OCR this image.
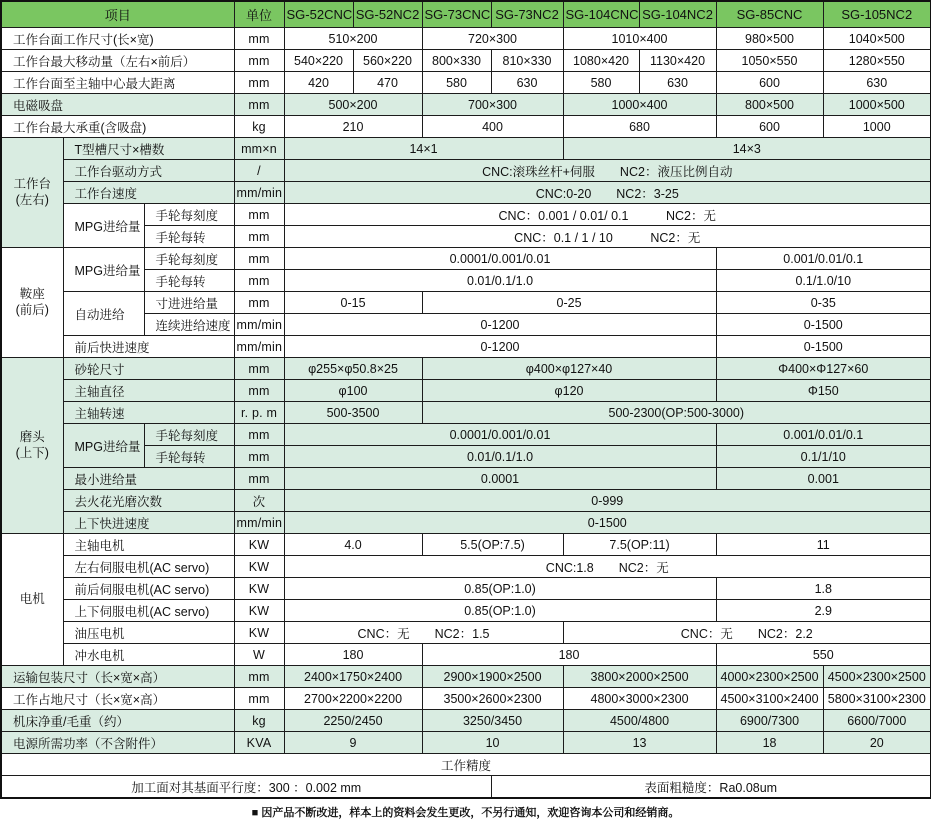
项目			单位	SG-52CNC	SG-52NC2	SG-73CNC	SG-73NC2	SG-104CNC	SG-104NC2	SG-85CNC	SG-105NC2
工作台面工作尺寸(长×宽)			mm	510×200		720×300		1010×400		980×500	1040×500
工作台最大移动量（左右×前后）			mm	540×220	560×220	800×330	810×330	1080×420	1130×420	1050×550	1280×550
工作台面至主轴中心最大距离			mm	420	470	580	630	580	630	600	630
电磁吸盘			mm	500×200		700×300		1000×400		800×500	1000×500
工作台最大承重(含吸盘)			kg	210		400		680		600	1000
工作台
(左右)	T型槽尺寸×槽数		mm×n	14×1				14×3			
	工作台驱动方式		/	CNC:滚珠丝杆+伺服　　NC2：液压比例自动							
	工作台速度		mm/min	CNC:0-20　　NC2：3-25							
	MPG进给量	手轮每刻度	mm	CNC：0.001 / 0.01/ 0.1　　　NC2：无							
		手轮每转	mm	CNC：0.1 / 1 / 10　　　NC2：无							
鞍座
(前后)	MPG进给量	手轮每刻度	mm	0.0001/0.001/0.01						0.001/0.01/0.1	
		手轮每转	mm	0.01/0.1/1.0						0.1/1.0/10	
	自动进给	寸进进给量	mm	0-15		0-25				0-35	
		连续进给速度	mm/min	0-1200						0-1500	
	前后快进速度		mm/min	0-1200						0-1500	
磨头
(上下)	砂轮尺寸		mm	φ255×φ50.8×25		φ400×φ127×40				Φ400×Φ127×60	
	主轴直径		mm	φ100		φ120				Φ150	
	主轴转速		r. p. m	500-3500		500-2300(OP:500-3000)					
	MPG进给量	手轮每刻度	mm	0.0001/0.001/0.01						0.001/0.01/0.1	
		手轮每转	mm	0.01/0.1/1.0						0.1/1/10	
	最小进给量		mm	0.0001						0.001	
	去火花光磨次数		次	0-999							
	上下快进速度		mm/min	0-1500							
电机	主轴电机		KW	4.0		5.5(OP:7.5)		7.5(OP:11)		11	
	左右伺服电机(AC servo)		KW	CNC:1.8　　NC2：无							
	前后伺服电机(AC servo)		KW	0.85(OP:1.0)						1.8	
	上下伺服电机(AC servo)		KW	0.85(OP:1.0)						2.9	
	油压电机		KW	CNC：无　　NC2：1.5				CNC：无　　NC2：2.2			
	冲水电机		W	180		180				550	
运输包装尺寸（长×宽×高）			mm	2400×1750×2400		2900×1900×2500		3800×2000×2500		4000×2300×2500	4500×2300×2500
工作占地尺寸（长×宽×高）			mm	2700×2200×2200		3500×2600×2300		4800×3000×2300		4500×3100×2400	5800×3100×2300
机床净重/毛重（约）			kg	2250/2450		3250/3450		4500/4800		6900/7300	6600/7000
电源所需功率（不含附件）			KVA	9		10		13		18	20
工作精度											
加工面对其基面平行度：300 ：0.002 mm							表面粗糙度：Ra0.08um				
■ 因产品不断改进，样本上的资料会发生更改，不另行通知，欢迎咨询本公司和经销商。
